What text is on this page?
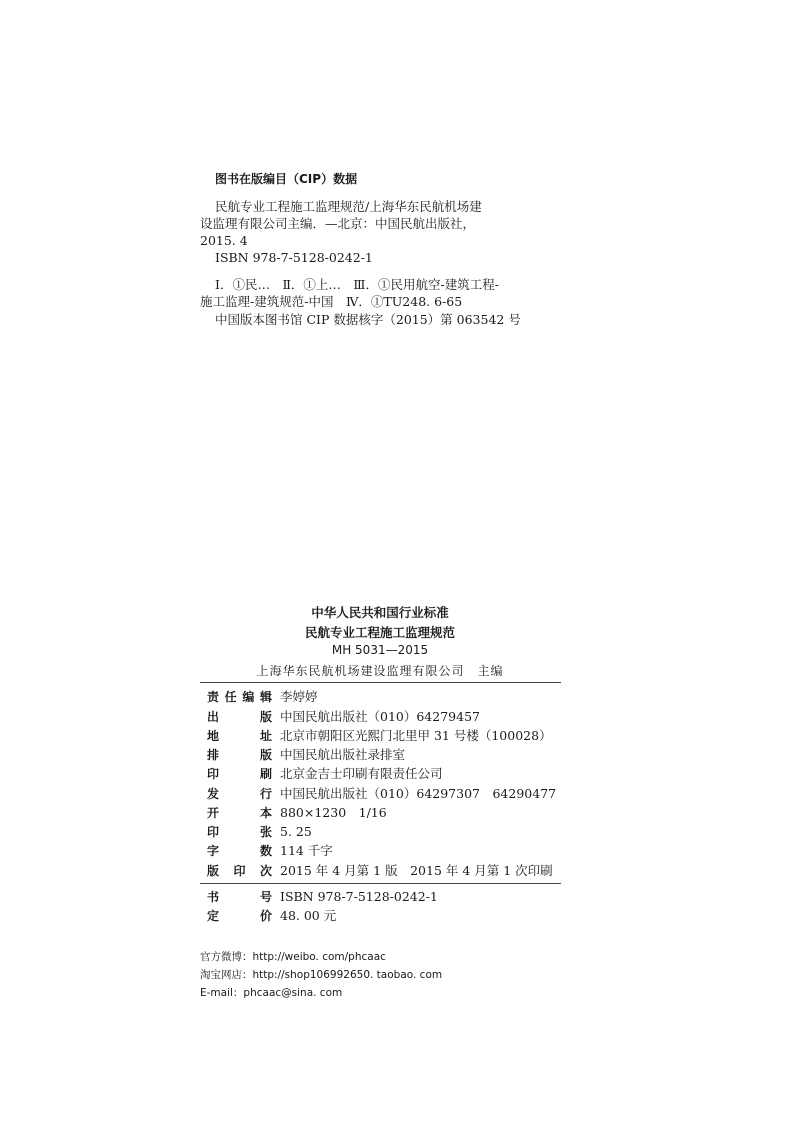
图书在版编目（CIP）数据
民航专业工程施工监理规范/上海华东民航机场建
设监理有限公司主编．—北京：中国民航出版社，
2015. 4
ISBN 978-7-5128-0242-1
Ⅰ．①民…　Ⅱ．①上…　Ⅲ．①民用航空-建筑工程-
施工监理-建筑规范-中国　Ⅳ．①TU248. 6-65
中国版本图书馆 CIP 数据核字（2015）第 063542 号
中华人民共和国行业标准
民航专业工程施工监理规范
MH 5031—2015
上海华东民航机场建设监理有限公司　主编
责任编辑 李婷婷
出版 中国民航出版社（010）64279457
地址 北京市朝阳区光熙门北里甲 31 号楼（100028）
排版 中国民航出版社录排室
印刷 北京金吉士印刷有限责任公司
发行 中国民航出版社（010）64297307　64290477
开本 880×1230　1/16
印张 5. 25
字数 114 千字
版印次 2015 年 4 月第 1 版　2015 年 4 月第 1 次印刷
书号 ISBN 978-7-5128-0242-1
定价 48. 00 元
官方微博：http://weibo. com/phcaac
淘宝网店：http://shop106992650. taobao. com
E-mail：phcaac@sina. com
